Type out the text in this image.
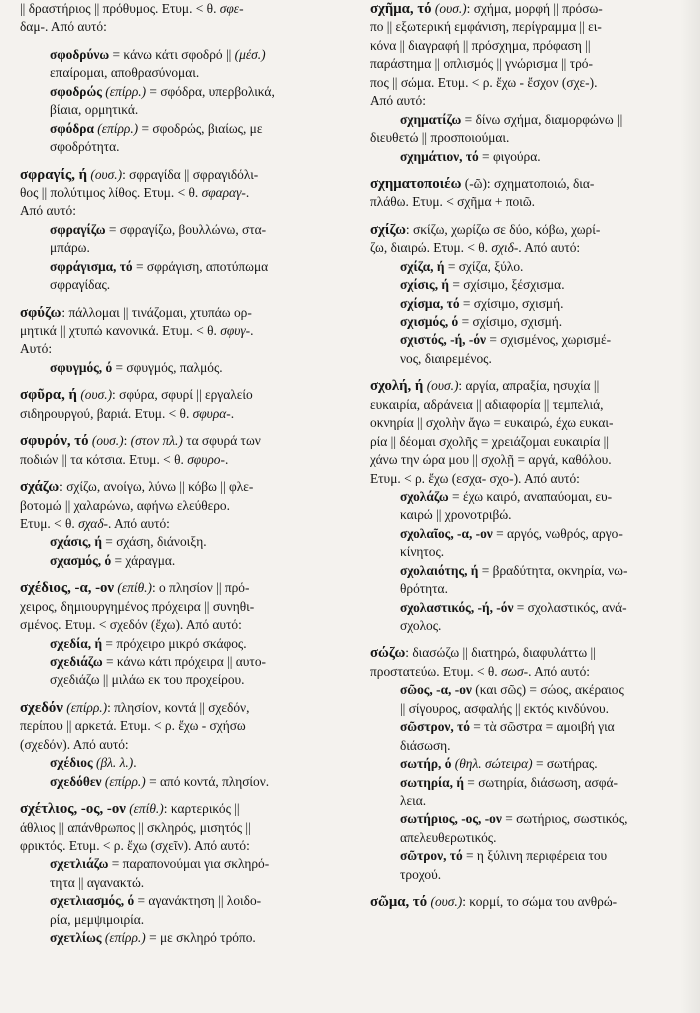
|| δραστήριος || πρόθυμος. Ετυμ. < θ. σφε-
δαμ-. Από αυτό:
σφοδρύνω = κάνω κάτι σφοδρό || (μέσ.)
επαίρομαι, αποθρασύνομαι.
σφοδρώς (επίρρ.) = σφόδρα, υπερβολικά,
βίαια, ορμητικά.
σφόδρα (επίρρ.) = σφοδρώς, βιαίως, με
σφοδρότητα.
σφραγίς, ή (ουσ.): σφραγίδα || σφραγιδόλι-
θος || πολύτιμος λίθος. Ετυμ. < θ. σφαραγ-.
Από αυτό:
σφραγίζω = σφραγίζω, βουλλώνω, στα-
μπάρω.
σφράγισμα, τό = σφράγιση, αποτύπωμα
σφραγίδας.
σφύζω: πάλλομαι || τινάζομαι, χτυπάω ορ-
μητικά || χτυπώ κανονικά. Ετυμ. < θ. σφυγ-.
Αυτό:
σφυγμός, ό = σφυγμός, παλμός.
σφῦρα, ή (ουσ.): σφύρα, σφυρί || εργαλείο
σιδηρουργού, βαριά. Ετυμ. < θ. σφυρα-.
σφυρόν, τό (ουσ.): (στον πλ.) τα σφυρά των
ποδιών || τα κότσια. Ετυμ. < θ. σφυρο-.
σχάζω: σχίζω, ανοίγω, λύνω || κόβω || φλε-
βοτομώ || χαλαρώνω, αφήνω ελεύθερο.
Ετυμ. < θ. σχαδ-. Από αυτό:
σχάσις, ή = σχάση, διάνοιξη.
σχασμός, ό = χάραγμα.
σχέδιος, -α, -ον (επίθ.): ο πλησίον || πρό-
χειρος, δημιουργημένος πρόχειρα || συνηθι-
σμένος. Ετυμ. < σχεδόν (ἔχω). Από αυτό:
σχεδία, ή = πρόχειρο μικρό σκάφος.
σχεδιάζω = κάνω κάτι πρόχειρα || αυτο-
σχεδιάζω || μιλάω εκ του προχείρου.
σχεδόν (επίρρ.): πλησίον, κοντά || σχεδόν,
περίπου || αρκετά. Ετυμ. < ρ. ἔχω - σχήσω
(σχεδόν). Από αυτό:
σχέδιος (βλ. λ.).
σχεδόθεν (επίρρ.) = από κοντά, πλησίον.
σχέτλιος, -ος, -ον (επίθ.): καρτερικός ||
άθλιος || απάνθρωπος || σκληρός, μισητός ||
φρικτός. Ετυμ. < ρ. ἔχω (σχεῖν). Από αυτό:
σχετλιάζω = παραπονούμαι για σκληρό-
τητα || αγανακτώ.
σχετλιασμός, ό = αγανάκτηση || λοιδο-
ρία, μεμψιμοιρία.
σχετλίως (επίρρ.) = με σκληρό τρόπο.
σχῆμα, τό (ουσ.): σχήμα, μορφή || πρόσω-
πο || εξωτερική εμφάνιση, περίγραμμα || ει-
κόνα || διαγραφή || πρόσχημα, πρόφαση ||
παράστημα || οπλισμός || γνώρισμα || τρό-
πος || σώμα. Ετυμ. < ρ. ἔχω - ἔσχον (σχε-).
Από αυτό:
σχηματίζω = δίνω σχήμα, διαμορφώνω ||
διευθετώ || προσποιούμαι.
σχημάτιον, τό = φιγούρα.
σχηματοποιέω (-ῶ): σχηματοποιώ, δια-
πλάθω. Ετυμ. < σχῆμα + ποιῶ.
σχίζω: σκίζω, χωρίζω σε δύο, κόβω, χωρί-
ζω, διαιρώ. Ετυμ. < θ. σχιδ-. Από αυτό:
σχίζα, ή = σχίζα, ξύλο.
σχίσις, ή = σχίσιμο, ξέσχισμα.
σχίσμα, τό = σχίσιμο, σχισμή.
σχισμός, ό = σχίσιμο, σχισμή.
σχιστός, -ή, -όν = σχισμένος, χωρισμέ-
νος, διαιρεμένος.
σχολή, ή (ουσ.): αργία, απραξία, ησυχία ||
ευκαιρία, αδράνεια || αδιαφορία || τεμπελιά,
οκνηρία || σχολὴν ἄγω = ευκαιρώ, έχω ευκαι-
ρία || δέομαι σχολῆς = χρειάζομαι ευκαιρία ||
χάνω την ώρα μου || σχολῇ = αργά, καθόλου.
Ετυμ. < ρ. ἔχω (εσχα- σχο-). Από αυτό:
σχολάζω = έχω καιρό, αναπαύομαι, ευ-
καιρώ || χρονοτριβώ.
σχολαῖος, -α, -ον = αργός, νωθρός, αργο-
κίνητος.
σχολαιότης, ή = βραδύτητα, οκνηρία, νω-
θρότητα.
σχολαστικός, -ή, -όν = σχολαστικός, ανά-
σχολος.
σώζω: διασώζω || διατηρώ, διαφυλάττω ||
προστατεύω. Ετυμ. < θ. σωσ-. Από αυτό:
σῶος, -α, -ον (και σῶς) = σώος, ακέραιος
|| σίγουρος, ασφαλής || εκτός κινδύνου.
σῶστρον, τό = τὰ σῶστρα = αμοιβή για
διάσωση.
σωτήρ, ό (θηλ. σώτειρα) = σωτήρας.
σωτηρία, ή = σωτηρία, διάσωση, ασφά-
λεια.
σωτήριος, -ος, -ον = σωτήριος, σωστικός,
απελευθερωτικός.
σῶτρον, τό = η ξύλινη περιφέρεια του
τροχού.
σῶμα, τό (ουσ.): κορμί, το σώμα του ανθρώ-
